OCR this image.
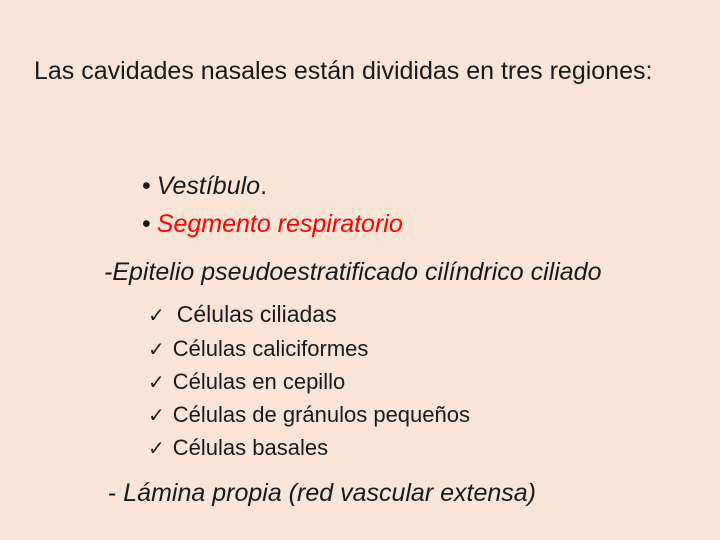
Las cavidades nasales están divididas en tres regiones:

• Vestíbulo.
• Segmento respiratorio
-Epitelio pseudoestratificado cilíndrico ciliado
✓ Células ciliadas
✓ Células caliciformes
✓ Células en cepillo
✓ Células de gránulos pequeños
✓ Células basales
- Lámina propia (red vascular extensa)
